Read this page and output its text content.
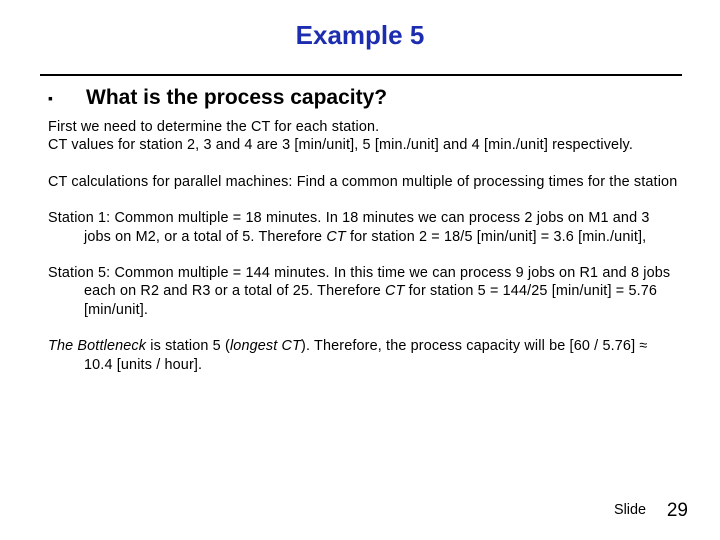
Example 5
▪ What is the process capacity?

First we need to determine the CT for each station.

CT values for station 2, 3 and 4 are 3 [min/unit], 5 [min./unit] and 4 [min./unit] respectively.

CT calculations for parallel machines: Find a common multiple of processing times for the station

Station 1: Common multiple = 18 minutes. In 18 minutes we can process 2 jobs on M1 and 3 jobs on M2, or a total of 5. Therefore CT for station 2 = 18/5 [min/unit] = 3.6 [min./unit],

Station 5: Common multiple = 144 minutes. In this time we can process 9 jobs on R1 and 8 jobs each on R2 and R3 or a total of 25. Therefore CT for station 5 = 144/25 [min/unit] = 5.76 [min/unit].

The Bottleneck is station 5 (longest CT). Therefore, the process capacity will be [60 / 5.76] ≈ 10.4 [units / hour].

Slide 29
